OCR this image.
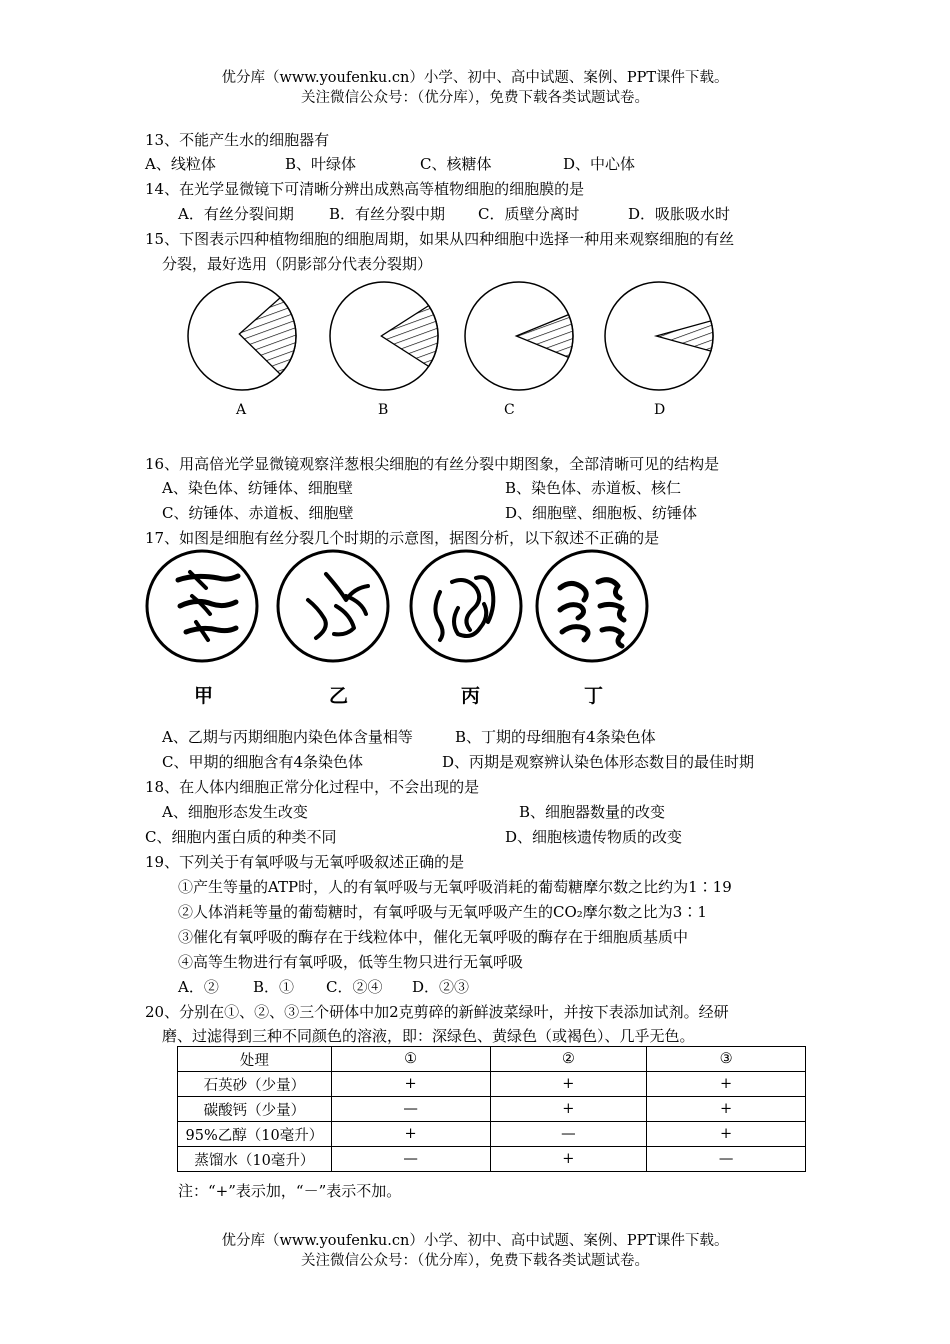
优分库（www.youfenku.cn）小学、初中、高中试题、案例、PPT课件下载。
关注微信公众号：（优分库），免费下载各类试题试卷。
13、不能产生水的细胞器有
A、线粒体	B、叶绿体	C、核糖体	D、中心体
14、在光学显微镜下可清晰分辨出成熟高等植物细胞的细胞膜的是
A．有丝分裂间期 B．有丝分裂中期 C．质壁分离时	D．吸胀吸水时
15、下图表示四种植物细胞的细胞周期，如果从四种细胞中选择一种用来观察细胞的有丝
分裂，最好选用（阴影部分代表分裂期）
A	B	C	D
16、用高倍光学显微镜观察洋葱根尖细胞的有丝分裂中期图象，全部清晰可见的结构是
A、染色体、纺锤体、细胞壁	B、染色体、赤道板、核仁
C、纺锤体、赤道板、细胞壁	D、细胞壁、细胞板、纺锤体
17、如图是细胞有丝分裂几个时期的示意图，据图分析，以下叙述不正确的是
甲	乙	丙	丁
A、乙期与丙期细胞内染色体含量相等	B、丁期的母细胞有4条染色体
C、甲期的细胞含有4条染色体	D、丙期是观察辨认染色体形态数目的最佳时期
18、在人体内细胞正常分化过程中，不会出现的是
A、细胞形态发生改变	B、细胞器数量的改变
C、细胞内蛋白质的种类不同	D、细胞核遗传物质的改变
19、下列关于有氧呼吸与无氧呼吸叙述正确的是
①产生等量的ATP时，人的有氧呼吸与无氧呼吸消耗的葡萄糖摩尔数之比约为1∶19
②人体消耗等量的葡萄糖时，有氧呼吸与无氧呼吸产生的CO₂摩尔数之比为3∶1
③催化有氧呼吸的酶存在于线粒体中，催化无氧呼吸的酶存在于细胞质基质中
④高等生物进行有氧呼吸，低等生物只进行无氧呼吸
A．② B．① C．②④ D．②③
20、分别在①、②、③三个研体中加2克剪碎的新鲜波菜绿叶，并按下表添加试剂。经研
磨、过滤得到三种不同颜色的溶液，即：深绿色、黄绿色（或褐色）、几乎无色。
处理	①	②	③
石英砂（少量）	+	+	+
碳酸钙（少量）	—	+	+
95%乙醇（10毫升）	+	—	+
蒸馏水（10毫升）	—	+	—
注：“+”表示加，“－”表示不加。
优分库（www.youfenku.cn）小学、初中、高中试题、案例、PPT课件下载。
关注微信公众号：（优分库），免费下载各类试题试卷。
